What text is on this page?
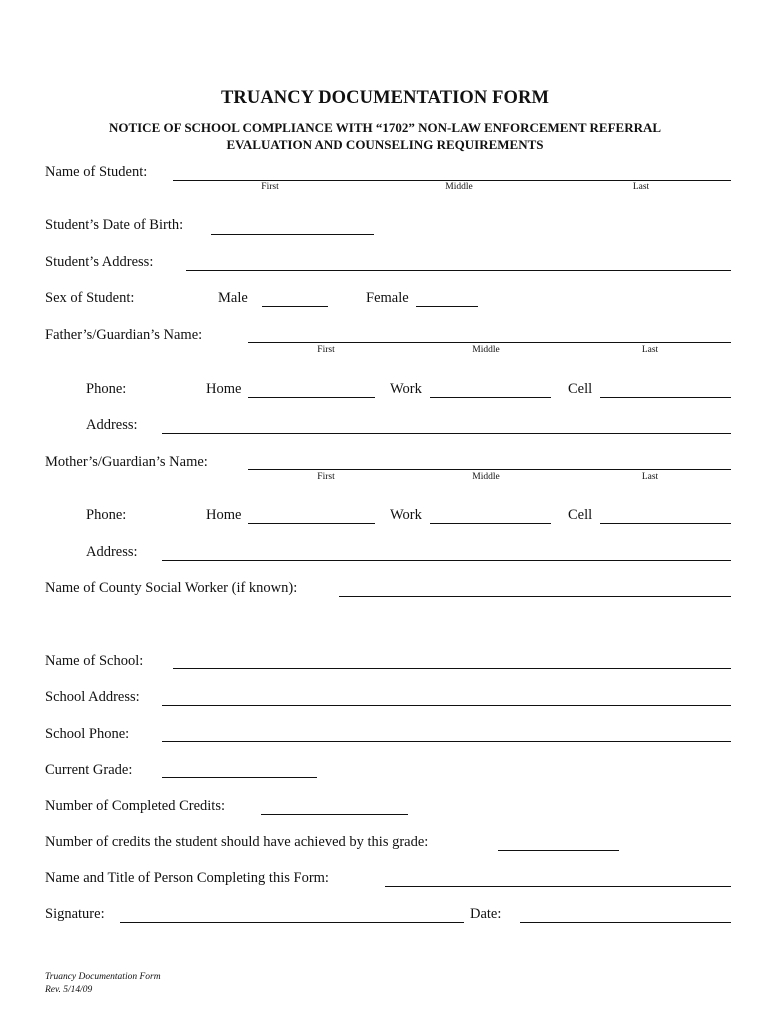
TRUANCY DOCUMENTATION FORM
NOTICE OF SCHOOL COMPLIANCE WITH “1702” NON-LAW ENFORCEMENT REFERRAL
EVALUATION AND COUNSELING REQUIREMENTS
Name of Student:
First	Middle	Last
Student’s Date of Birth:
Student’s Address:
Sex of Student:	Male	Female
Father’s/Guardian’s Name:
First	Middle	Last
Phone:	Home	Work	Cell
Address:
Mother’s/Guardian’s Name:
First	Middle	Last
Phone:	Home	Work	Cell
Address:
Name of County Social Worker (if known):
Name of School:
School Address:
School Phone:
Current Grade:
Number of Completed Credits:
Number of credits the student should have achieved by this grade:
Name and Title of Person Completing this Form:
Signature:	Date:
Truancy Documentation Form
Rev. 5/14/09
